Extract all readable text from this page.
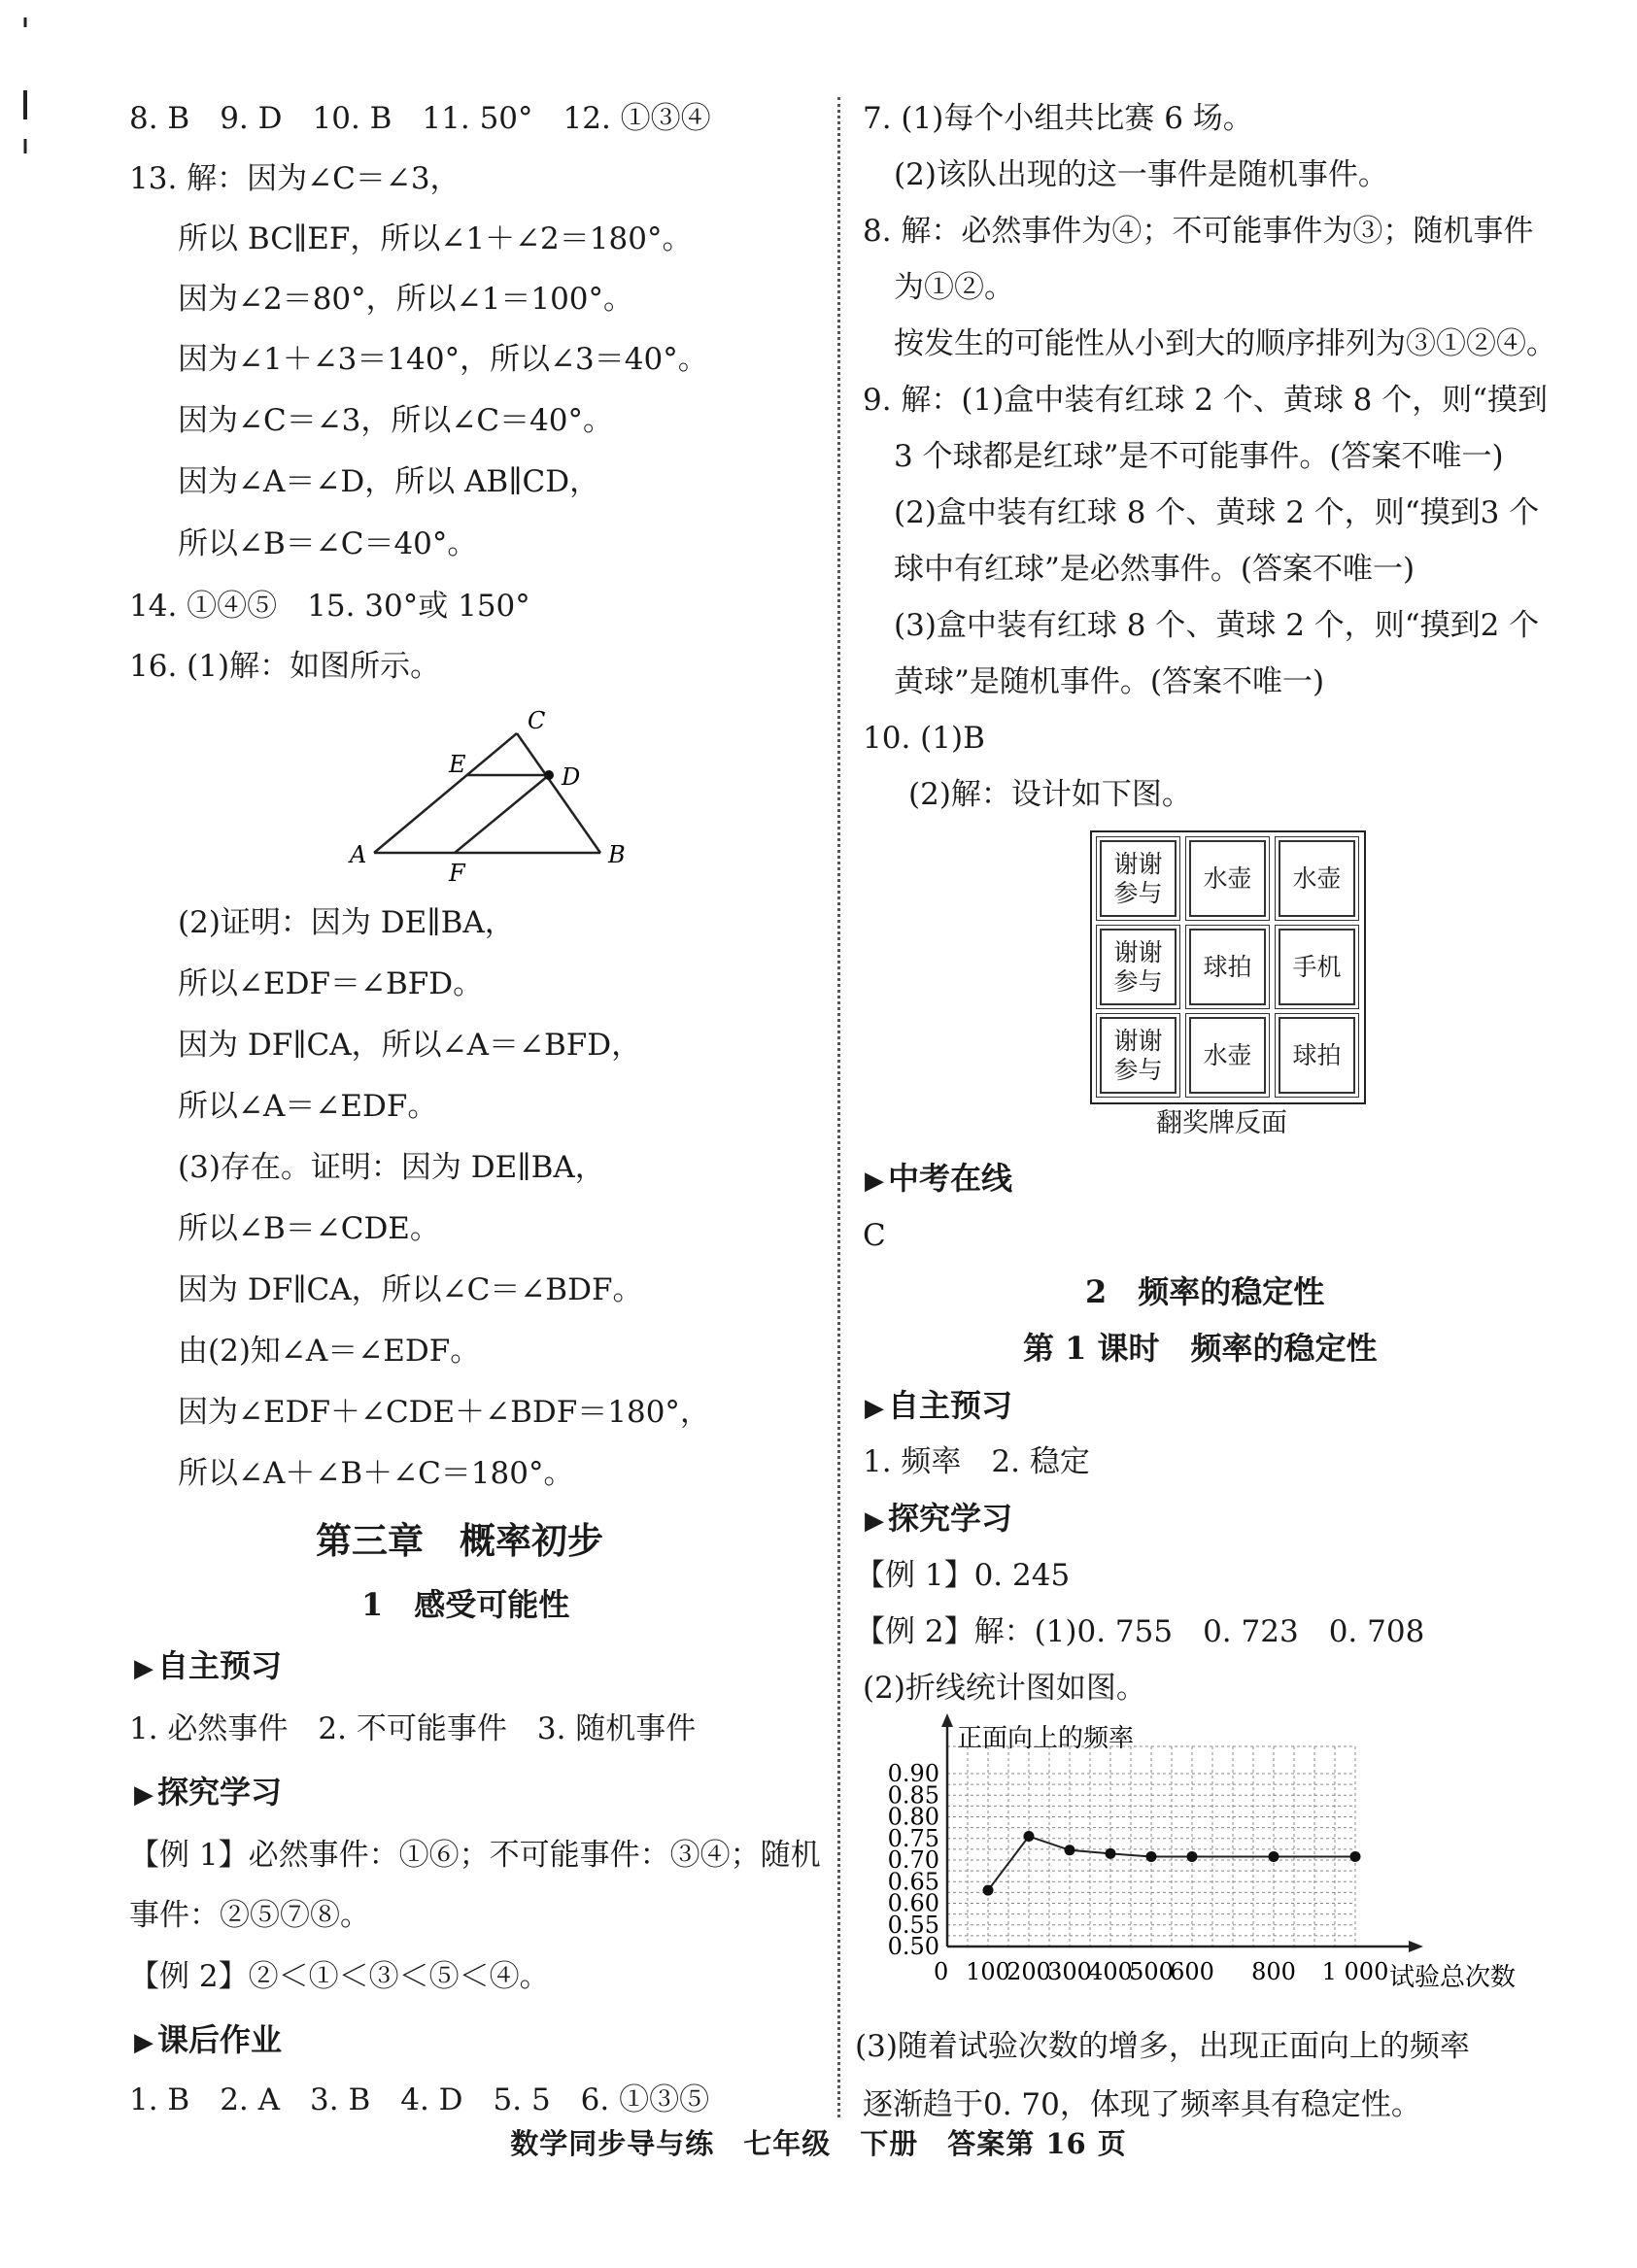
8. B　9. D　10. B　11. 50°　12. ①③④
13. 解：因为∠C＝∠3，
所以 BC∥EF，所以∠1＋∠2＝180°。
因为∠2＝80°，所以∠1＝100°。
因为∠1＋∠3＝140°，所以∠3＝40°。
因为∠C＝∠3，所以∠C＝40°。
因为∠A＝∠D，所以 AB∥CD，
所以∠B＝∠C＝40°。
14. ①④⑤　15. 30°或 150°
16. (1)解：如图所示。
C
E	D
A
F
B
(2)证明：因为 DE∥BA，
所以∠EDF＝∠BFD。
因为 DF∥CA，所以∠A＝∠BFD，
所以∠A＝∠EDF。
(3)存在。证明：因为 DE∥BA，
所以∠B＝∠CDE。
因为 DF∥CA，所以∠C＝∠BDF。
由(2)知∠A＝∠EDF。
因为∠EDF＋∠CDE＋∠BDF＝180°，
所以∠A＋∠B＋∠C＝180°。
第三章　概率初步
1　感受可能性
▶ 自主预习
1. 必然事件　2. 不可能事件　3. 随机事件
▶ 探究学习
【例 1】必然事件：①⑥；不可能事件：③④；随机
事件：②⑤⑦⑧。
【例 2】②＜①＜③＜⑤＜④。
▶ 课后作业
1. B　2. A　3. B　4. D　5. 5　6. ①③⑤
7. (1)每个小组共比赛 6 场。
(2)该队出现的这一事件是随机事件。
8. 解：必然事件为④；不可能事件为③；随机事件
为①②。
按发生的可能性从小到大的顺序排列为③①②④。
9. 解：(1)盒中装有红球 2 个、黄球 8 个，则“摸到
3 个球都是红球”是不可能事件。(答案不唯一)
(2)盒中装有红球 8 个、黄球 2 个，则“摸到3 个
球中有红球”是必然事件。(答案不唯一)
(3)盒中装有红球 8 个、黄球 2 个，则“摸到2 个
黄球”是随机事件。(答案不唯一)
10. (1)B
(2)解：设计如下图。
谢谢
参与
水壶	水壶
谢谢
参与
球拍	手机
谢谢
参与
水壶	球拍
翻奖牌反面
▶ 中考在线
C
2　频率的稳定性
第 1 课时　频率的稳定性
▶ 自主预习
1. 频率　2. 稳定
▶ 探究学习
【例 1】0. 245
【例 2】解：(1)0. 755　0. 723　0. 708
(2)折线统计图如图。
正面向上的频率
试验总次数
0.50
0.55
0.60
0.65
0.70
0.75
0.80
0.85
0.90
0 100
200
300
400
500
600 800 1 000
(3)随着试验次数的增多，出现正面向上的频率
逐渐趋于0. 70，体现了频率具有稳定性。
数学同步导与练　七年级　下册　答案第 16 页
